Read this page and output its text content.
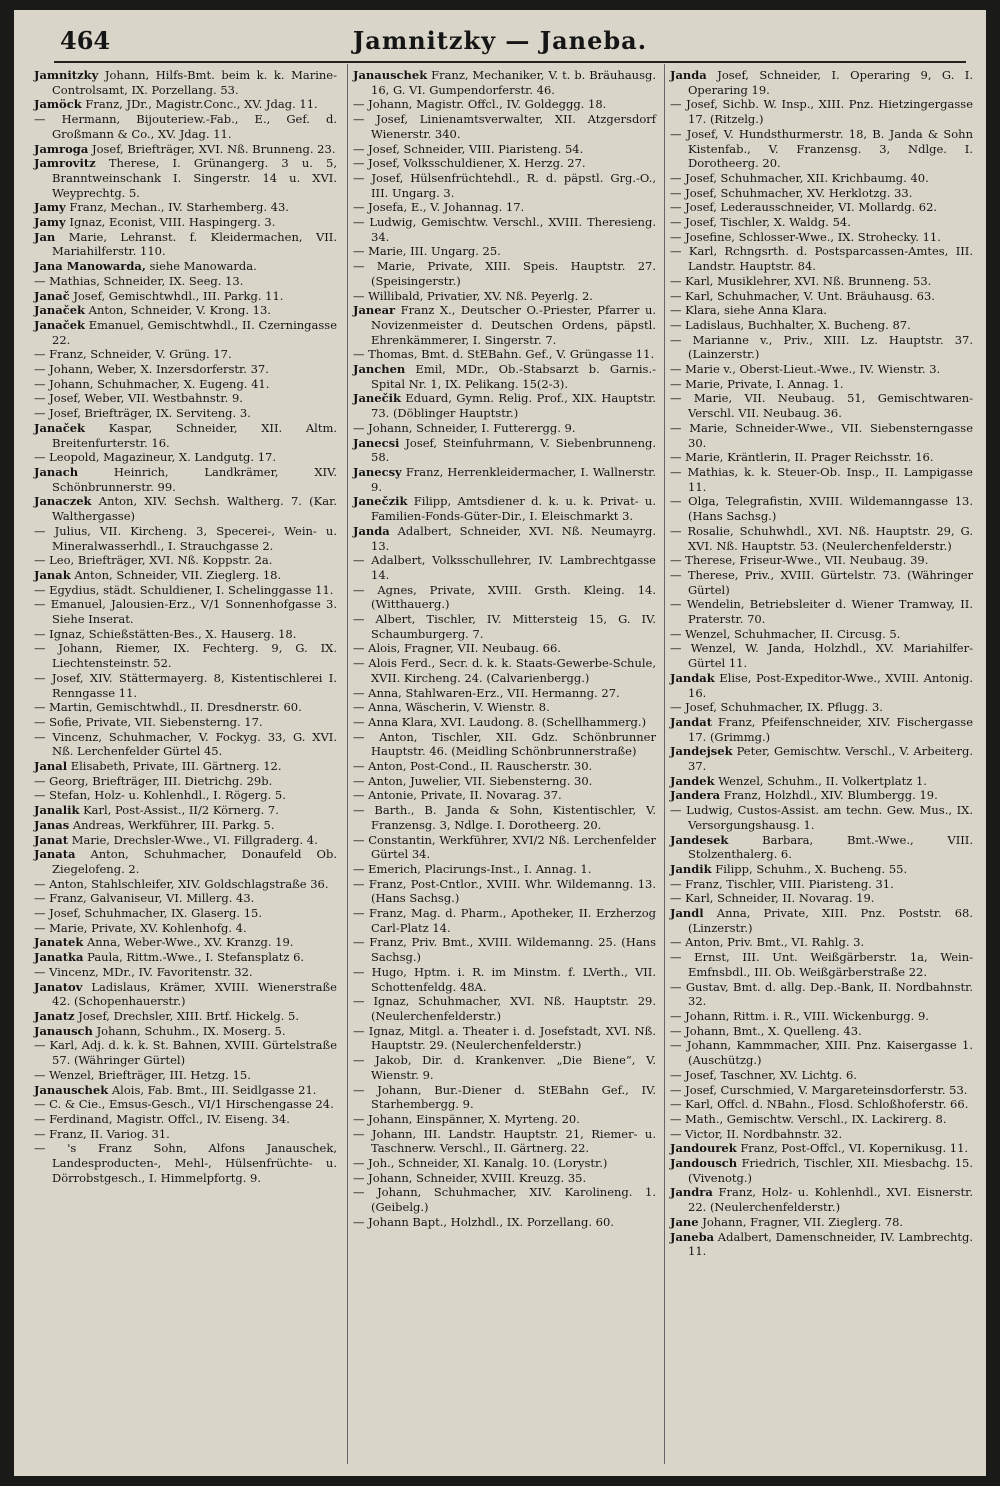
464	Jamnitzky — Janeba.
Jamnitzky Johann, Hilfs-Bmt. beim k. k. Marine-Controlsamt, IX. Porzellang. 53.
Jamöck Franz, JDr., Magistr.Conc., XV. Jdag. 11.
— Hermann, Bijouteriew.-Fab., E., Gef. d. Großmann & Co., XV. Jdag. 11.
Jamroga Josef, Briefträger, XVI. Nß. Brunneng. 23.
Jamrovitz Therese, I. Grünangerg. 3 u. 5, Branntweinschank I. Singerstr. 14 u. XVI. Weyprechtg. 5.
Jamy Franz, Mechan., IV. Starhemberg. 43.
Jamy Ignaz, Econist, VIII. Haspingerg. 3.
Jan Marie, Lehranst. f. Kleidermachen, VII. Mariahilferstr. 110.
Jana Manowarda, siehe Manowarda.
— Mathias, Schneider, IX. Seeg. 13.
Janač Josef, Gemischtwhdl., III. Parkg. 11.
Janaček Anton, Schneider, V. Krong. 13.
Janaček Emanuel, Gemischtwhdl., II. Czerningasse 22.
— Franz, Schneider, V. Grüng. 17.
— Johann, Weber, X. Inzersdorferstr. 37.
— Johann, Schuhmacher, X. Eugeng. 41.
— Josef, Weber, VII. Westbahnstr. 9.
— Josef, Briefträger, IX. Serviteng. 3.
Janaček Kaspar, Schneider, XII. Altm. Breitenfurterstr. 16.
— Leopold, Magazineur, X. Landgutg. 17.
Janach	Heinrich, Landkrämer, XIV. Schönbrunnerstr. 99.
Janaczek Anton, XIV. Sechsh. Waltherg. 7. (Kar. Walthergasse)
— Julius, VII. Kircheng. 3, Specerei-, Wein- u. Mineralwasserhdl., I. Strauchgasse 2.
— Leo, Briefträger, XVI. Nß. Koppstr. 2a.
Janak Anton, Schneider, VII. Zieglerg. 18.
— Egydius, städt. Schuldiener, I. Schelinggasse 11.
— Emanuel, Jalousien-Erz., V/1 Sonnenhofgasse 3. Siehe Inserat.
— Ignaz, Schießstätten-Bes., X. Hauserg. 18.
— Johann, Riemer, IX. Fechterg. 9, G. IX. Liechtensteinstr. 52.
— Josef, XIV. Stättermayerg. 8, Kistentischlerei I. Renngasse 11.
— Martin, Gemischtwhdl., II. Dresdnerstr. 60.
— Sofie, Private, VII. Siebensterng. 17.
— Vincenz, Schuhmacher, V. Fockyg. 33, G. XVI. Nß. Lerchenfelder Gürtel 45.
Janal Elisabeth, Private, III. Gärtnerg. 12.
— Georg, Briefträger, III. Dietrichg. 29b.
— Stefan, Holz- u. Kohlenhdl., I. Rögerg. 5.
Janalik Karl, Post-Assist., II/2 Körnerg. 7.
Janas Andreas, Werkführer, III. Parkg. 5.
Janat Marie, Drechsler-Wwe., VI. Fillgraderg. 4.
Janata Anton, Schuhmacher, Donaufeld Ob. Ziegelofeng. 2.
— Anton, Stahlschleifer, XIV. Goldschlagstraße 36.
— Franz, Galvaniseur, VI. Millerg. 43.
— Josef, Schuhmacher, IX. Glaserg. 15.
— Marie, Private, XV. Kohlenhofg. 4.
Janatek Anna, Weber-Wwe., XV. Kranzg. 19.
Janatka Paula, Rittm.-Wwe., I. Stefansplatz 6.
— Vincenz, MDr., IV. Favoritenstr. 32.
Janatov Ladislaus, Krämer, XVIII. Wienerstraße 42. (Schopenhauerstr.)
Janatz Josef, Drechsler, XIII. Brtf. Hickelg. 5.
Janausch Johann, Schuhm., IX. Moserg. 5.
— Karl, Adj. d. k. k. St. Bahnen, XVIII. Gürtelstraße 57. (Währinger Gürtel)
— Wenzel, Briefträger, III. Hetzg. 15.
Janauschek Alois, Fab. Bmt., III. Seidlgasse 21.
— C. & Cie., Emsus-Gesch., VI/1 Hirschengasse 24.
— Ferdinand, Magistr. Offcl., IV. Eiseng. 34.
— Franz, II. Variog. 31.
— 's Franz Sohn, Alfons Janauschek, Landesproducten-, Mehl-, Hülsenfrüchte- u. Dörrobstgesch., I. Himmelpfortg. 9.
Janauschek Franz, Mechaniker, V. t. b. Bräuhausg. 16, G. VI. Gumpendorferstr. 46.
— Johann, Magistr. Offcl., IV. Goldeggg. 18.
— Josef, Linienamtsverwalter, XII. Atzgersdorf Wienerstr. 340.
— Josef, Schneider, VIII. Piaristeng. 54.
— Josef, Volksschuldiener, X. Herzg. 27.
— Josef, Hülsenfrüchtehdl., R. d. päpstl. Grg.-O., III. Ungarg. 3.
— Josefa, E., V. Johannag. 17.
— Ludwig, Gemischtw. Verschl., XVIII. Theresieng. 34.
— Marie, III. Ungarg. 25.
— Marie, Private, XIII. Speis. Hauptstr. 27. (Speisingerstr.)
— Willibald, Privatier, XV. Nß. Peyerlg. 2.
Janear Franz X., Deutscher O.-Priester, Pfarrer u. Novizenmeister d. Deutschen Ordens, päpstl. Ehrenkämmerer, I. Singerstr. 7.
— Thomas, Bmt. d. StEBahn. Gef., V. Grüngasse 11.
Janchen Emil, MDr., Ob.-Stabsarzt b. Garnis.-Spital Nr. 1, IX. Pelikang. 15(2-3).
Janečik Eduard, Gymn. Relig. Prof., XIX. Hauptstr. 73. (Döblinger Hauptstr.)
— Johann, Schneider, I. Futterergg. 9.
Janecsi Josef, Steinfuhrmann, V. Siebenbrunneng. 58.
Janecsy Franz, Herrenkleidermacher, I. Wallnerstr. 9.
Janečzik Filipp, Amtsdiener d. k. u. k. Privat- u. Familien-Fonds-Güter-Dir., I. Eleischmarkt 3.
Janda Adalbert, Schneider, XVI. Nß. Neumayrg. 13.
— Adalbert, Volksschullehrer, IV. Lambrechtgasse 14.
— Agnes, Private, XVIII. Grsth. Kleing. 14. (Witthauerg.)
— Albert, Tischler, IV. Mittersteig 15, G. IV. Schaumburgerg. 7.
— Alois, Fragner, VII. Neubaug. 66.
— Alois Ferd., Secr. d. k. k. Staats-Gewerbe-Schule, XVII. Kircheng. 24. (Calvarienbergg.)
— Anna, Stahlwaren-Erz., VII. Hermanng. 27.
— Anna, Wäscherin, V. Wienstr. 8.
— Anna Klara, XVI. Laudong. 8. (Schellhammerg.)
— Anton, Tischler, XII. Gdz. Schönbrunner Hauptstr. 46. (Meidling Schönbrunnerstraße)
— Anton, Post-Cond., II. Rauscherstr. 30.
— Anton, Juwelier, VII. Siebensterng. 30.
— Antonie, Private, II. Novarag. 37.
— Barth., B. Janda & Sohn, Kistentischler, V. Franzensg. 3, Ndlge. I. Dorotheerg. 20.
— Constantin, Werkführer, XVI/2 Nß. Lerchenfelder Gürtel 34.
— Emerich, Placirungs-Inst., I. Annag. 1.
— Franz, Post-Cntlor., XVIII. Whr. Wildemanng. 13. (Hans Sachsg.)
— Franz, Mag. d. Pharm., Apotheker, II. Erzherzog Carl-Platz 14.
— Franz, Priv. Bmt., XVIII. Wildemanng. 25. (Hans Sachsg.)
— Hugo, Hptm. i. R. im Minstm. f. LVerth., VII. Schottenfeldg. 48A.
— Ignaz, Schuhmacher, XVI. Nß. Hauptstr. 29. (Neulerchenfelderstr.)
— Ignaz, Mitgl. a. Theater i. d. Josefstadt, XVI. Nß. Hauptstr. 29. (Neulerchenfelderstr.)
— Jakob, Dir. d. Krankenver. „Die Biene“, V. Wienstr. 9.
— Johann, Bur.-Diener d. StEBahn Gef., IV. Starhembergg. 9.
— Johann, Einspänner, X. Myrteng. 20.
— Johann, III. Landstr. Hauptstr. 21, Riemer- u. Taschnerw. Verschl., II. Gärtnerg. 22.
— Joh., Schneider, XI. Kanalg. 10. (Lorystr.)
— Johann, Schneider, XVIII. Kreuzg. 35.
— Johann, Schuhmacher, XIV. Karolineng. 1. (Geibelg.)
— Johann Bapt., Holzhdl., IX. Porzellang. 60.
Janda Josef, Schneider, I. Operaring 9, G. I. Operaring 19.
— Josef, Sichb. W. Insp., XIII. Pnz. Hietzingergasse 17. (Ritzelg.)
— Josef, V. Hundsthurmerstr. 18, B. Janda & Sohn Kistenfab., V. Franzensg. 3, Ndlge. I. Dorotheerg. 20.
— Josef, Schuhmacher, XII. Krichbaumg. 40.
— Josef, Schuhmacher, XV. Herklotzg. 33.
— Josef, Lederausschneider, VI. Mollardg. 62.
— Josef, Tischler, X. Waldg. 54.
— Josefine, Schlosser-Wwe., IX. Strohecky. 11.
— Karl, Rchngsrth. d. Postsparcassen-Amtes, III. Landstr. Hauptstr. 84.
— Karl, Musiklehrer, XVI. Nß. Brunneng. 53.
— Karl, Schuhmacher, V. Unt. Bräuhausg. 63.
— Klara, siehe Anna Klara.
— Ladislaus, Buchhalter, X. Bucheng. 87.
— Marianne v., Priv., XIII. Lz. Hauptstr. 37. (Lainzerstr.)
— Marie v., Oberst-Lieut.-Wwe., IV. Wienstr. 3.
— Marie, Private, I. Annag. 1.
— Marie, VII. Neubaug. 51, Gemischtwaren-Verschl. VII. Neubaug. 36.
— Marie, Schneider-Wwe., VII. Siebensterngasse 30.
— Marie, Kräntlerin, II. Prager Reichsstr. 16.
— Mathias, k. k. Steuer-Ob. Insp., II. Lampigasse 11.
— Olga, Telegrafistin, XVIII. Wildemanngasse 13. (Hans Sachsg.)
— Rosalie, Schuhwhdl., XVI. Nß. Hauptstr. 29, G. XVI. Nß. Hauptstr. 53. (Neulerchenfelderstr.)
— Therese, Friseur-Wwe., VII. Neubaug. 39.
— Therese, Priv., XVIII. Gürtelstr. 73. (Währinger Gürtel)
— Wendelin, Betriebsleiter d. Wiener Tramway, II. Praterstr. 70.
— Wenzel, Schuhmacher, II. Circusg. 5.
— Wenzel, W. Janda, Holzhdl., XV. Mariahilfer-Gürtel 11.
Jandak Elise, Post-Expeditor-Wwe., XVIII. Antonig. 16.
— Josef, Schuhmacher, IX. Pflugg. 3.
Jandat Franz, Pfeifenschneider, XIV. Fischergasse 17. (Grimmg.)
Jandejsek Peter, Gemischtw. Verschl., V. Arbeiterg. 37.
Jandek Wenzel, Schuhm., II. Volkertplatz 1.
Jandera Franz, Holzhdl., XIV. Blumbergg. 19.
— Ludwig, Custos-Assist. am techn. Gew. Mus., IX. Versorgungshausg. 1.
Jandesek	Barbara, Bmt.-Wwe., VIII. Stolzenthalerg. 6.
Jandik Filipp, Schuhm., X. Bucheng. 55.
— Franz, Tischler, VIII. Piaristeng. 31.
— Karl, Schneider, II. Novarag. 19.
Jandl Anna, Private, XIII. Pnz. Poststr. 68. (Linzerstr.)
— Anton, Priv. Bmt., VI. Rahlg. 3.
— Ernst, III. Unt. Weißgärberstr. 1a, Wein-Emfnsbdl., III. Ob. Weißgärberstraße 22.
— Gustav, Bmt. d. allg. Dep.-Bank, II. Nordbahnstr. 32.
— Johann, Rittm. i. R., VIII. Wickenburgg. 9.
— Johann, Bmt., X. Quelleng. 43.
— Johann, Kammmacher, XIII. Pnz. Kaisergasse 1. (Auschützg.)
— Josef, Taschner, XV. Lichtg. 6.
— Josef, Curschmied, V. Margareteinsdorferstr. 53.
— Karl, Offcl. d. NBahn., Flosd. Schloßhoferstr. 66.
— Math., Gemischtw. Verschl., IX. Lackirerg. 8.
— Victor, II. Nordbahnstr. 32.
Jandourek Franz, Post-Offcl., VI. Kopernikusg. 11.
Jandousch Friedrich, Tischler, XII. Miesbachg. 15. (Vivenotg.)
Jandra Franz, Holz- u. Kohlenhdl., XVI. Eisnerstr. 22. (Neulerchenfelderstr.)
Jane Johann, Fragner, VII. Zieglerg. 78.
Janeba Adalbert, Damenschneider, IV. Lambrechtg. 11.
